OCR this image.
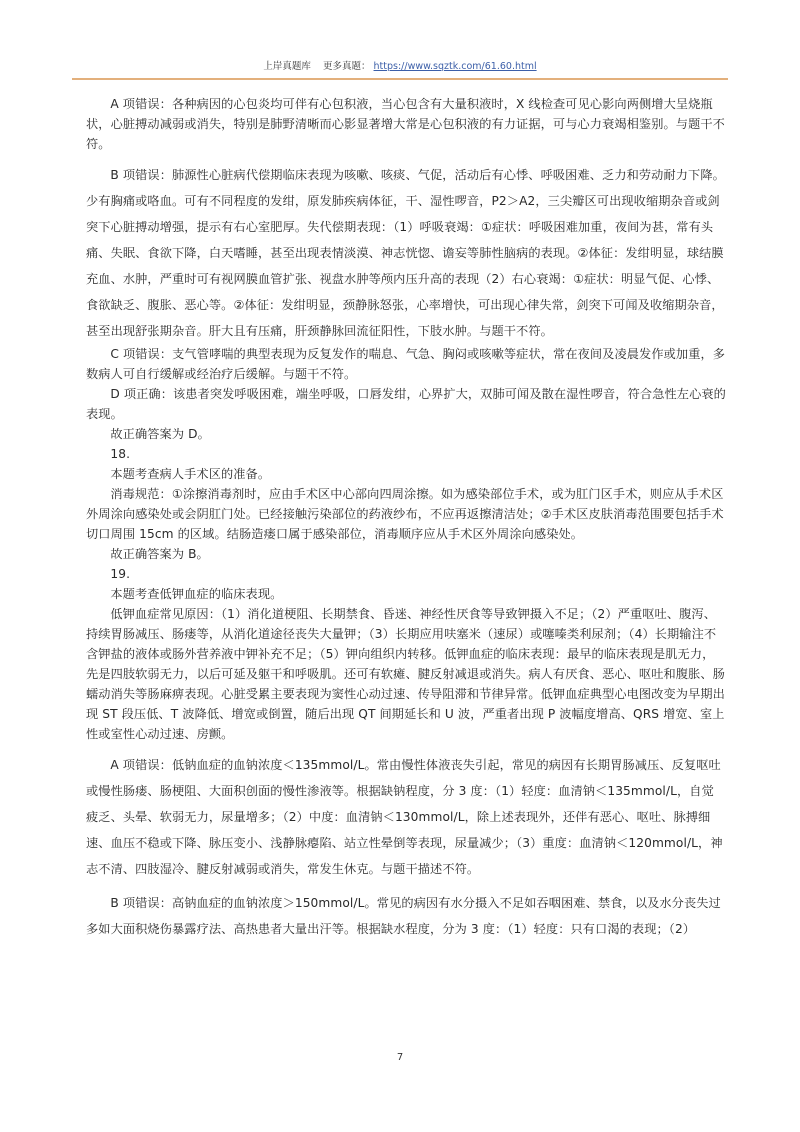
上岸真题库 更多真题： https://www.sqztk.com/61.60.html

A 项错误：各种病因的心包炎均可伴有心包积液，当心包含有大量积液时，X 线检查可见心影向两侧增大呈烧瓶状，心脏搏动减弱或消失，特别是肺野清晰而心影显著增大常是心包积液的有力证据，可与心力衰竭相鉴别。与题干不符。

B 项错误：肺源性心脏病代偿期临床表现为咳嗽、咳痰、气促，活动后有心悸、呼吸困难、乏力和劳动耐力下降。少有胸痛或咯血。可有不同程度的发绀，原发肺疾病体征，干、湿性啰音，P2＞A2，三尖瓣区可出现收缩期杂音或剑突下心脏搏动增强，提示有右心室肥厚。失代偿期表现：（1）呼吸衰竭：①症状：呼吸困难加重，夜间为甚，常有头痛、失眠、食欲下降，白天嗜睡，甚至出现表情淡漠、神志恍惚、谵妄等肺性脑病的表现。②体征：发绀明显，球结膜充血、水肿，严重时可有视网膜血管扩张、视盘水肿等颅内压升高的表现（2）右心衰竭：①症状：明显气促、心悸、食欲缺乏、腹胀、恶心等。②体征：发绀明显，颈静脉怒张，心率增快，可出现心律失常，剑突下可闻及收缩期杂音，甚至出现舒张期杂音。肝大且有压痛，肝颈静脉回流征阳性，下肢水肿。与题干不符。

C 项错误：支气管哮喘的典型表现为反复发作的喘息、气急、胸闷或咳嗽等症状，常在夜间及凌晨发作或加重，多数病人可自行缓解或经治疗后缓解。与题干不符。

D 项正确：该患者突发呼吸困难，端坐呼吸，口唇发绀，心界扩大，双肺可闻及散在湿性啰音，符合急性左心衰的表现。

故正确答案为 D。

18.

本题考查病人手术区的准备。

消毒规范：①涂擦消毒剂时，应由手术区中心部向四周涂擦。如为感染部位手术，或为肛门区手术，则应从手术区外周涂向感染处或会阴肛门处。已经接触污染部位的药液纱布，不应再返擦清洁处；②手术区皮肤消毒范围要包括手术切口周围 15cm 的区域。结肠造瘘口属于感染部位，消毒顺序应从手术区外周涂向感染处。

故正确答案为 B。

19.

本题考查低钾血症的临床表现。

低钾血症常见原因：（1）消化道梗阻、长期禁食、昏迷、神经性厌食等导致钾摄入不足；（2）严重呕吐、腹泻、持续胃肠减压、肠瘘等，从消化道途径丧失大量钾；（3）长期应用呋塞米（速尿）或噻嗪类利尿剂；（4）长期输注不含钾盐的液体或肠外营养液中钾补充不足；（5）钾向组织内转移。低钾血症的临床表现：最早的临床表现是肌无力，先是四肢软弱无力，以后可延及躯干和呼吸肌。还可有软瘫、腱反射减退或消失。病人有厌食、恶心、呕吐和腹胀、肠蠕动消失等肠麻痹表现。心脏受累主要表现为窦性心动过速、传导阻滞和节律异常。低钾血症典型心电图改变为早期出现 ST 段压低、T 波降低、增宽或倒置，随后出现 QT 间期延长和 U 波，严重者出现 P 波幅度增高、QRS 增宽、室上性或室性心动过速、房颤。

A 项错误：低钠血症的血钠浓度＜135mmol/L。常由慢性体液丧失引起，常见的病因有长期胃肠减压、反复呕吐或慢性肠瘘、肠梗阻、大面积创面的慢性渗液等。根据缺钠程度，分 3 度：（1）轻度：血清钠＜135mmol/L，自觉疲乏、头晕、软弱无力，尿量增多；（2）中度：血清钠＜130mmol/L，除上述表现外，还伴有恶心、呕吐、脉搏细速、血压不稳或下降、脉压变小、浅静脉瘪陷、站立性晕倒等表现，尿量减少；（3）重度：血清钠＜120mmol/L，神志不清、四肢湿冷、腱反射减弱或消失，常发生休克。与题干描述不符。

B 项错误：高钠血症的血钠浓度＞150mmol/L。常见的病因有水分摄入不足如吞咽困难、禁食，以及水分丧失过多如大面积烧伤暴露疗法、高热患者大量出汗等。根据缺水程度，分为 3 度：（1）轻度：只有口渴的表现；（2）

7
